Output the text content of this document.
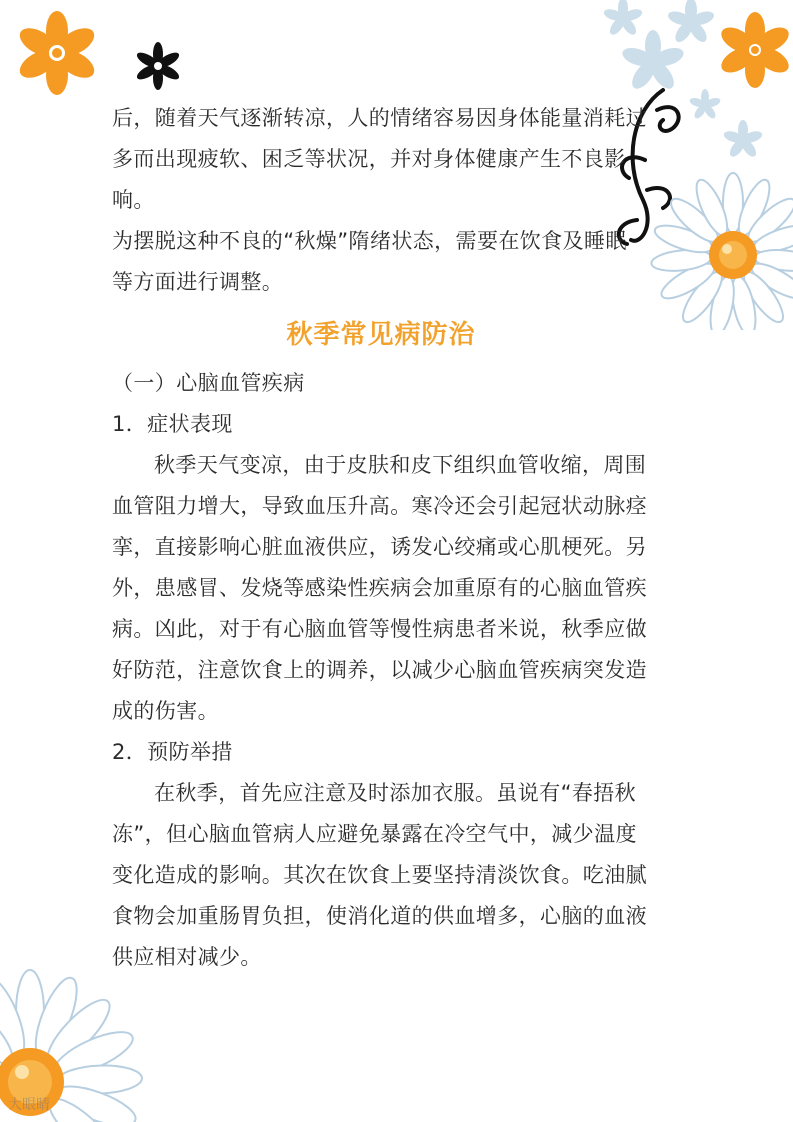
后，随着天气逐渐转凉，人的情绪容易因身体能量消耗过

多而出现疲软、困乏等状况，并对身体健康产生不良影响。

为摆脱这种不良的“秋燥”隋绪状态，需要在饮食及睡眠

等方面进行调整。

秋季常见病防治

（一）心脑血管疾病

1．症状表现

秋季天气变凉，由于皮肤和皮下组织血管收缩，周围

血管阻力增大，导致血压升高。寒冷还会引起冠状动脉痉

挛，直接影响心脏血液供应，诱发心绞痛或心肌梗死。另

外，患感冒、发烧等感染性疾病会加重原有的心脑血管疾

病。凶此，对于有心脑血管等慢性病患者米说，秋季应做

好防范，注意饮食上的调养，以减少心脑血管疾病突发造

成的伤害。

2．预防举措

在秋季，首先应注意及时添加衣服。虽说有“春捂秋

冻”，但心脑血管病人应避免暴露在冷空气中，减少温度

变化造成的影响。其次在饮食上要坚持清淡饮食。吃油腻

食物会加重肠胃负担，使消化道的供血增多，心脑的血液

供应相对减少。

大眼睛
